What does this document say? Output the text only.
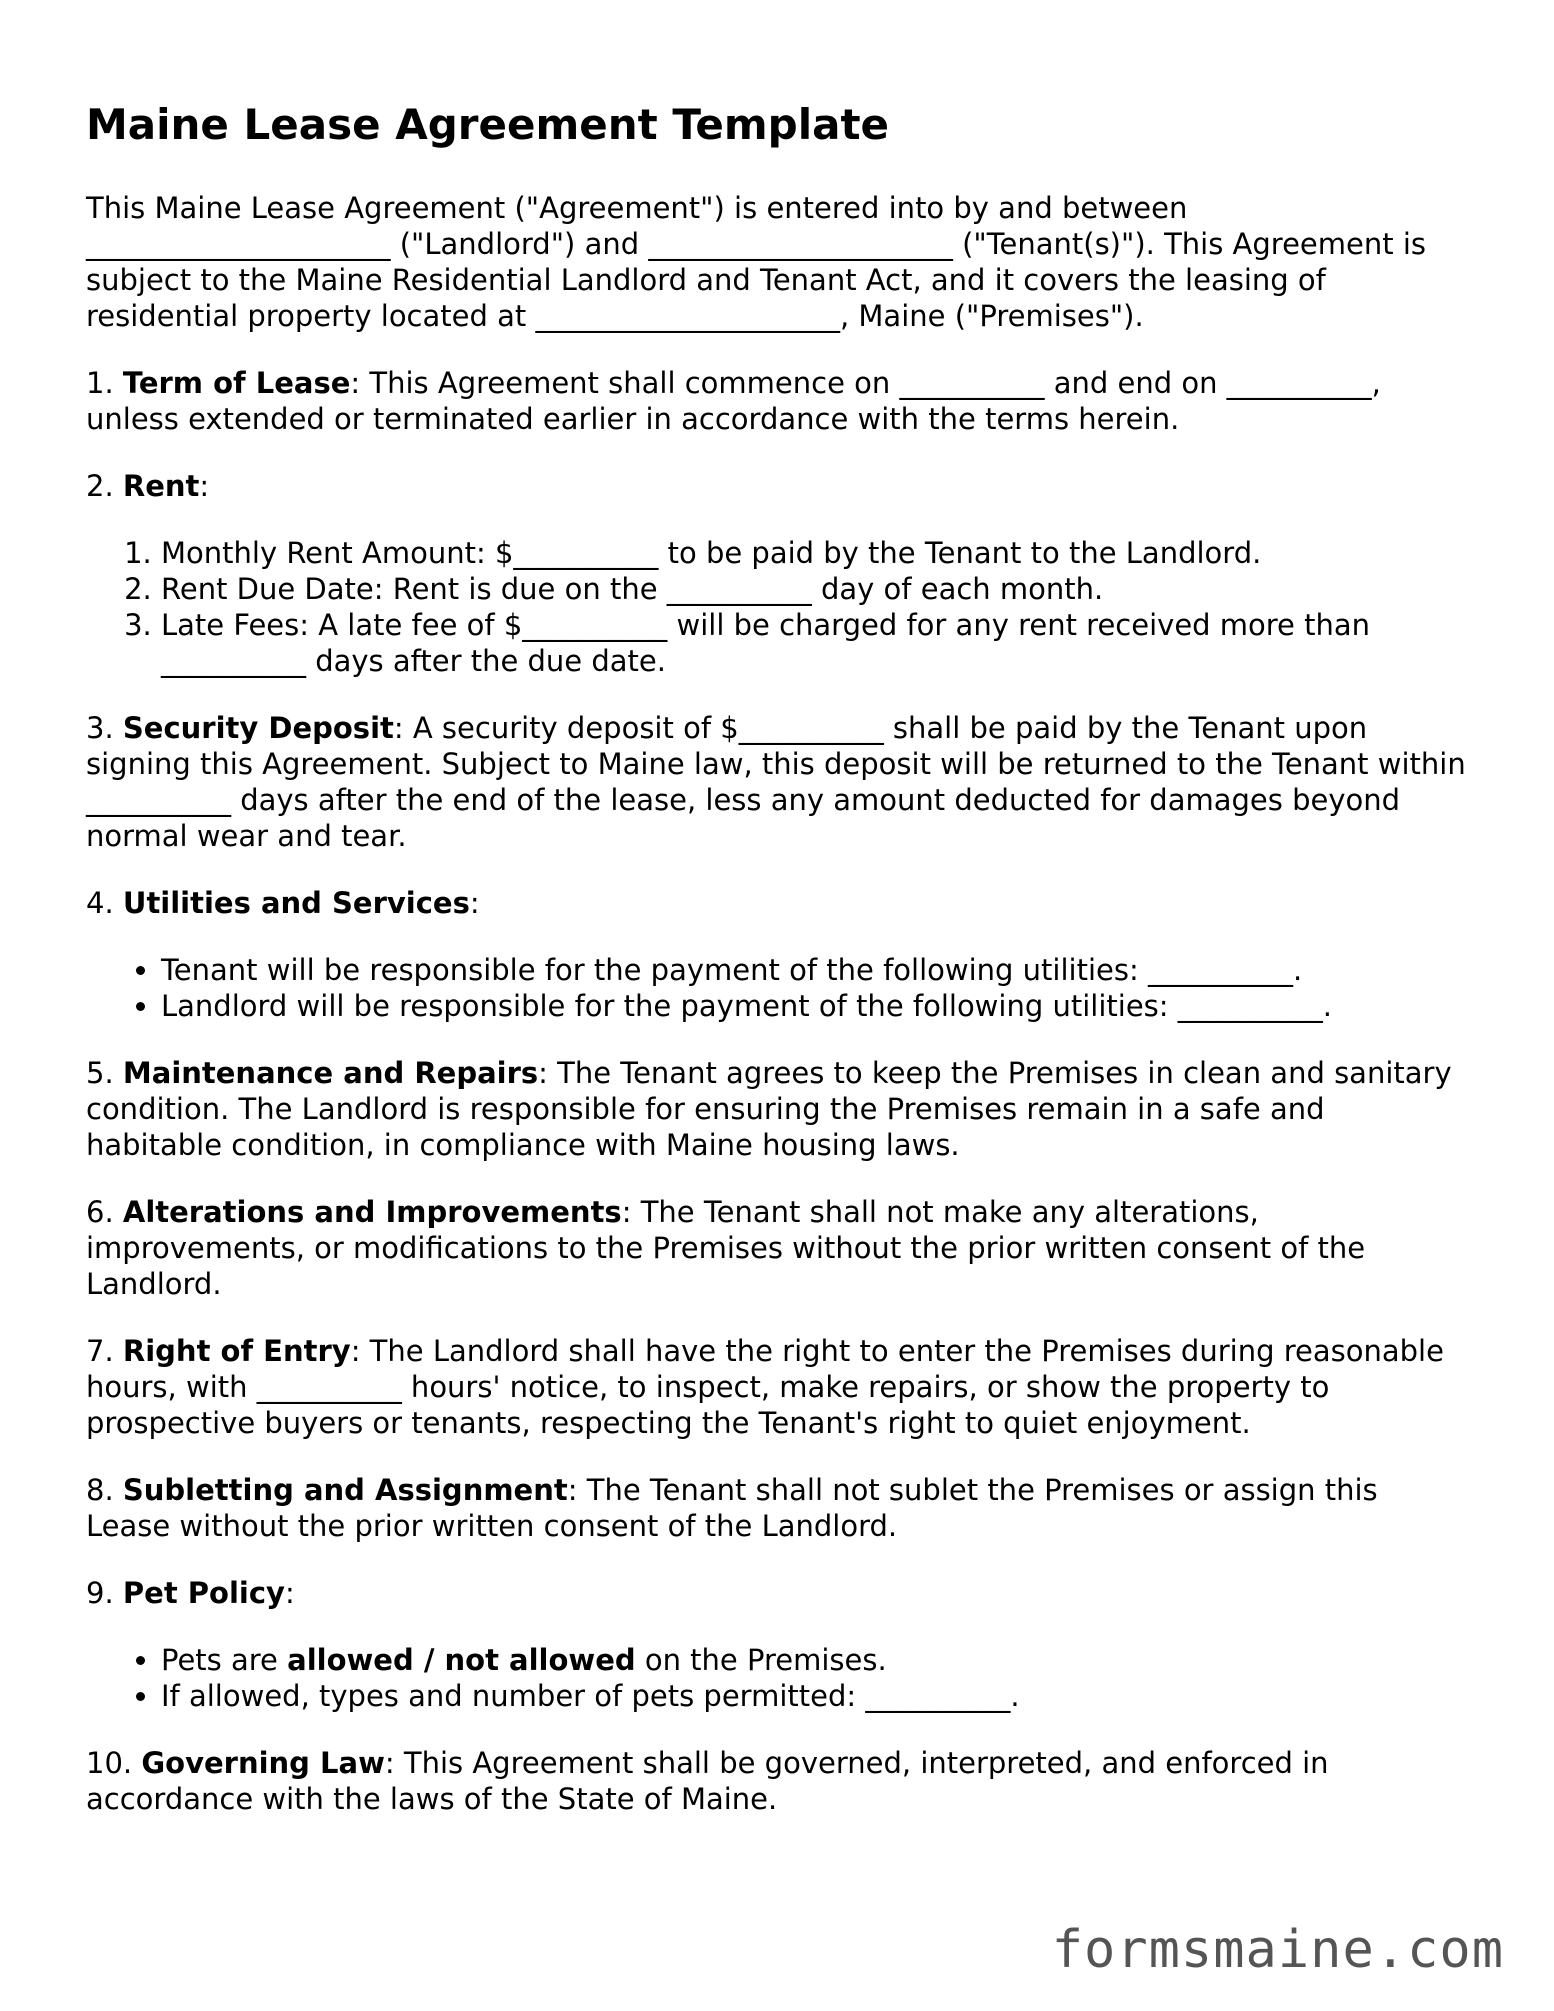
Maine Lease Agreement Template

This Maine Lease Agreement ("Agreement") is entered into by and between _____________________ ("Landlord") and _____________________ ("Tenant(s)"). This Agreement is subject to the Maine Residential Landlord and Tenant Act, and it covers the leasing of residential property located at _____________________, Maine ("Premises").

1. Term of Lease: This Agreement shall commence on __________ and end on __________, unless extended or terminated earlier in accordance with the terms herein.

2. Rent:

1. Monthly Rent Amount: $__________ to be paid by the Tenant to the Landlord.
2. Rent Due Date: Rent is due on the __________ day of each month.
3. Late Fees: A late fee of $__________ will be charged for any rent received more than __________ days after the due date.

3. Security Deposit: A security deposit of $__________ shall be paid by the Tenant upon signing this Agreement. Subject to Maine law, this deposit will be returned to the Tenant within __________ days after the end of the lease, less any amount deducted for damages beyond normal wear and tear.

4. Utilities and Services:

• Tenant will be responsible for the payment of the following utilities: __________.
• Landlord will be responsible for the payment of the following utilities: __________.

5. Maintenance and Repairs: The Tenant agrees to keep the Premises in clean and sanitary condition. The Landlord is responsible for ensuring the Premises remain in a safe and habitable condition, in compliance with Maine housing laws.

6. Alterations and Improvements: The Tenant shall not make any alterations, improvements, or modifications to the Premises without the prior written consent of the Landlord.

7. Right of Entry: The Landlord shall have the right to enter the Premises during reasonable hours, with __________ hours' notice, to inspect, make repairs, or show the property to prospective buyers or tenants, respecting the Tenant's right to quiet enjoyment.

8. Subletting and Assignment: The Tenant shall not sublet the Premises or assign this Lease without the prior written consent of the Landlord.

9. Pet Policy:

• Pets are allowed / not allowed on the Premises.
• If allowed, types and number of pets permitted: __________.

10. Governing Law: This Agreement shall be governed, interpreted, and enforced in accordance with the laws of the State of Maine.

formsmaine.com
